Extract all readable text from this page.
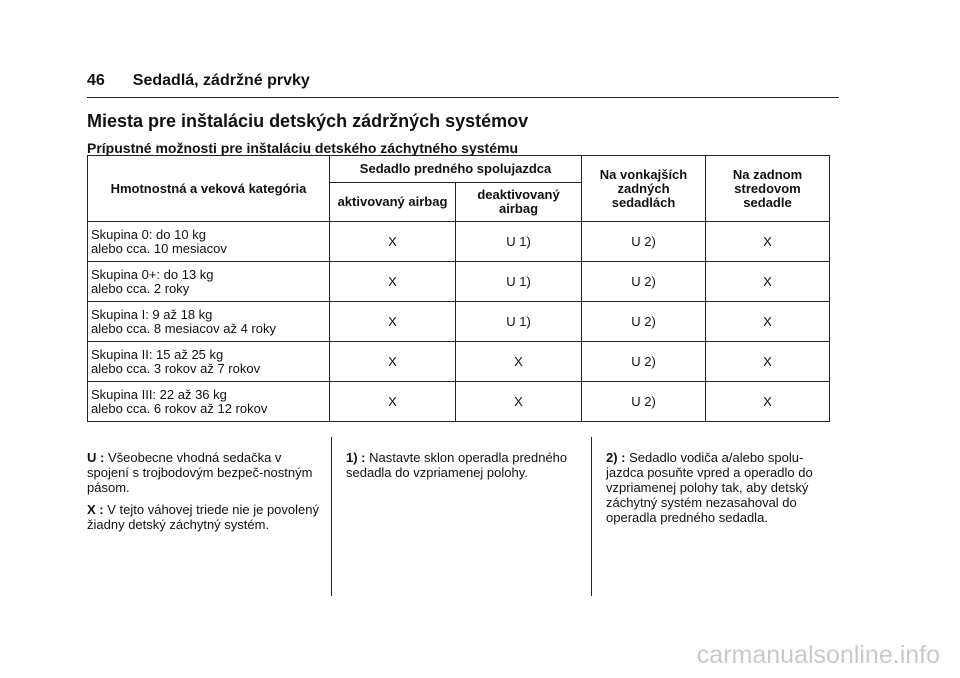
46 Sedadlá, zádržné prvky
Miesta pre inštaláciu detských zádržných systémov
Prípustné možnosti pre inštaláciu detského záchytného systému
Hmotnostná a veková kategória	Sedadlo predného spolujazdca		Na vonkajších zadných sedadlách	Na zadnom stredovom sedadle
	aktivovaný airbag	deaktivovaný airbag		

Skupina 0: do 10 kg
alebo cca. 10 mesiacov	X	U 1)	U 2)	X

Skupina 0+: do 13 kg
alebo cca. 2 roky	X	U 1)	U 2)	X

Skupina I: 9 až 18 kg
alebo cca. 8 mesiacov až 4 roky	X	U 1)	U 2)	X

Skupina II: 15 až 25 kg
alebo cca. 3 rokov až 7 rokov	X	X	U 2)	X

Skupina III: 22 až 36 kg
alebo cca. 6 rokov až 12 rokov	X	X	U 2)	X

U : Všeobecne vhodná sedačka v spojení s trojbodovým bezpeč-nostným pásom.

X : V tejto váhovej triede nie je povolený žiadny detský záchytný systém.

1) : Nastavte sklon operadla predného sedadla do vzpriamenej polohy.

2) : Sedadlo vodiča a/alebo spolu-jazdca posuňte vpred a operadlo do vzpriamenej polohy tak, aby detský záchytný systém nezasahoval do operadla predného sedadla.

carmanualsonline.info
